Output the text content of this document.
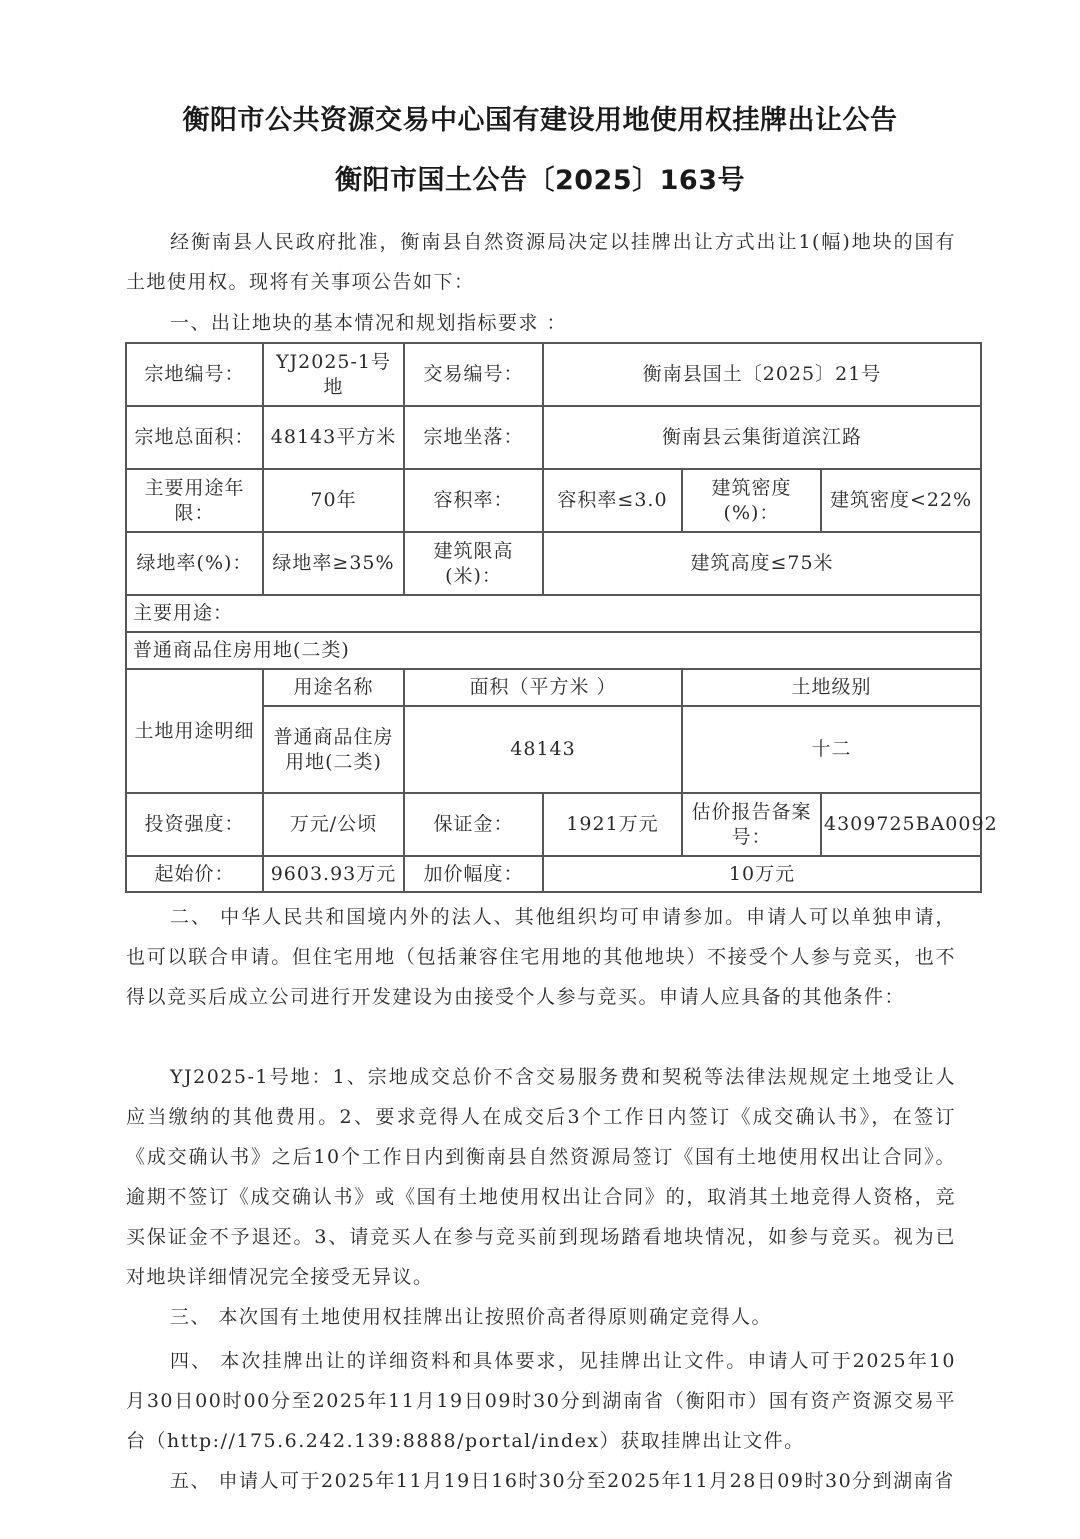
衡阳市公共资源交易中心国有建设用地使用权挂牌出让公告
衡阳市国土公告〔2025〕163号
经衡南县人民政府批准，衡南县自然资源局决定以挂牌出让方式出让1(幅)地块的国有土地使用权。现将有关事项公告如下：
一、出让地块的基本情况和规划指标要求 ：
宗地编号：	YJ2025-1号地	交易编号：	衡南县国土〔2025〕21号		
宗地总面积：	48143平方米	宗地坐落：	衡南县云集街道滨江路		
主要用途年限：	70年	容积率：	容积率≤3.0	建筑密度(%)：	建筑密度<22%
绿地率(%)：	绿地率≥35%	建筑限高(米)：	建筑高度≤75米		
主要用途：					
普通商品住房用地(二类)					
土地用途明细	用途名称	面积（平方米 ）		土地级别	
	普通商品住房用地(二类)	48143		十二	
投资强度：	万元/公顷	保证金：	1921万元	估价报告备案号：	4309725BA0092
起始价：	9603.93万元	加价幅度：	10万元		
二、 中华人民共和国境内外的法人、其他组织均可申请参加。申请人可以单独申请，也可以联合申请。但住宅用地（包括兼容住宅用地的其他地块）不接受个人参与竞买，也不得以竞买后成立公司进行开发建设为由接受个人参与竞买。申请人应具备的其他条件：
YJ2025-1号地：1、宗地成交总价不含交易服务费和契税等法律法规规定土地受让人应当缴纳的其他费用。2、要求竞得人在成交后3个工作日内签订《成交确认书》，在签订《成交确认书》之后10个工作日内到衡南县自然资源局签订《国有土地使用权出让合同》。逾期不签订《成交确认书》或《国有土地使用权出让合同》的，取消其土地竞得人资格，竞买保证金不予退还。3、请竞买人在参与竞买前到现场踏看地块情况，如参与竞买。视为已对地块详细情况完全接受无异议。
三、 本次国有土地使用权挂牌出让按照价高者得原则确定竞得人。
四、 本次挂牌出让的详细资料和具体要求，见挂牌出让文件。申请人可于2025年10月30日00时00分至2025年11月19日09时30分到湖南省（衡阳市）国有资产资源交易平台（http://175.6.242.139:8888/portal/index）获取挂牌出让文件。
五、 申请人可于2025年11月19日16时30分至2025年11月28日09时30分到湖南省
